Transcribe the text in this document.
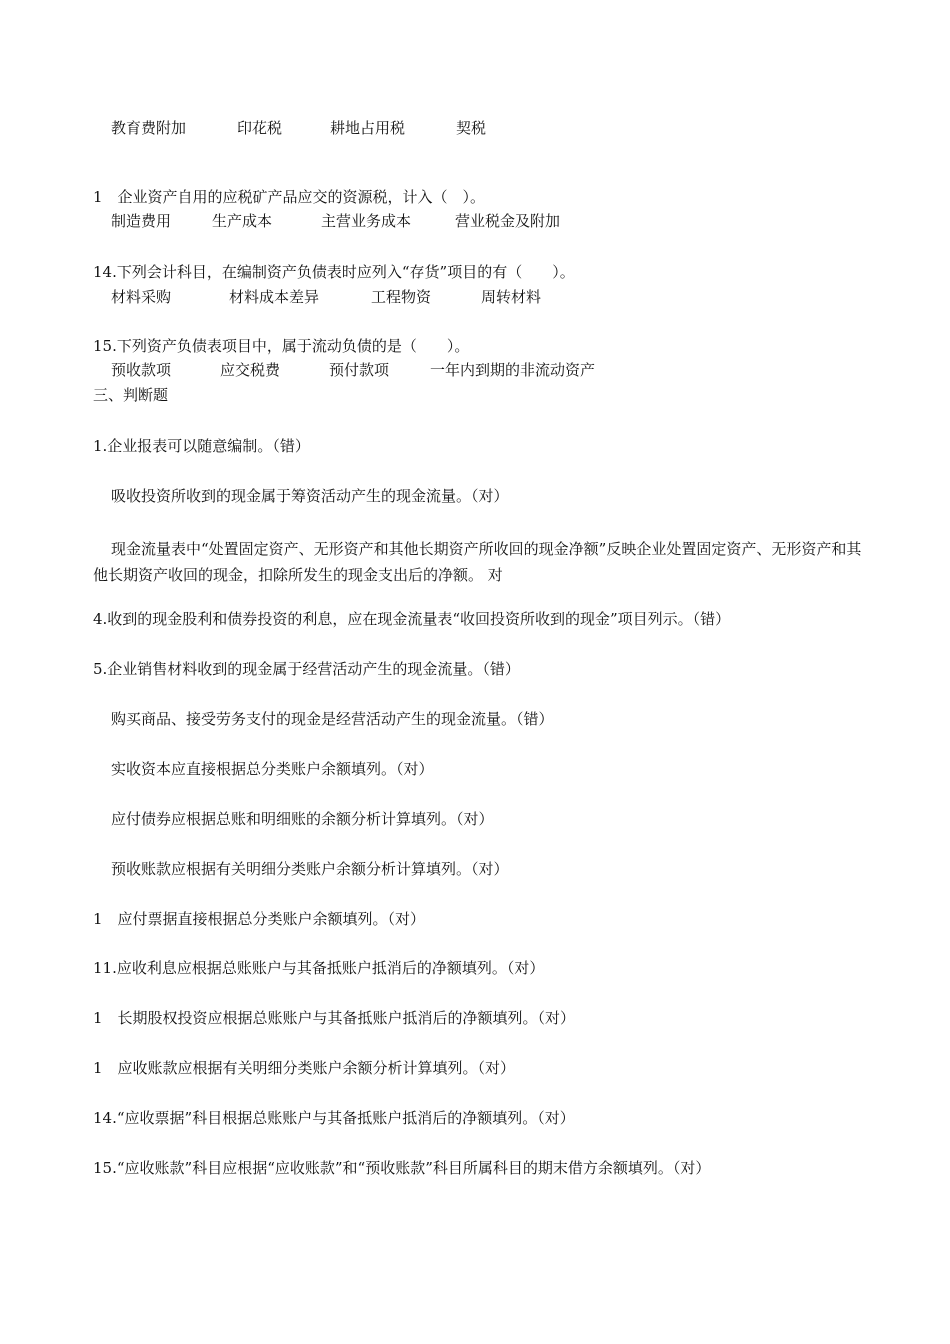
教育费附加	印花税	耕地占用税	契税
1　企业资产自用的应税矿产品应交的资源税，计入（　）。
制造费用	生产成本	主营业务成本	营业税金及附加
14.下列会计科目，在编制资产负债表时应列入“存货”项目的有（　　）。
材料采购	材料成本差异	工程物资	周转材料
15.下列资产负债表项目中，属于流动负债的是（　　）。
预收款项	应交税费	预付款项	一年内到期的非流动资产
三、判断题
1.企业报表可以随意编制。（错）
吸收投资所收到的现金属于筹资活动产生的现金流量。（对）
现金流量表中“处置固定资产、无形资产和其他长期资产所收回的现金净额”反映企业处置固定资产、无形资产和其他长期资产收回的现金，扣除所发生的现金支出后的净额。 对
4.收到的现金股利和债券投资的利息，应在现金流量表“收回投资所收到的现金”项目列示。（错）
5.企业销售材料收到的现金属于经营活动产生的现金流量。（错）
购买商品、接受劳务支付的现金是经营活动产生的现金流量。（错）
实收资本应直接根据总分类账户余额填列。（对）
应付债券应根据总账和明细账的余额分析计算填列。（对）
预收账款应根据有关明细分类账户余额分析计算填列。（对）
1　应付票据直接根据总分类账户余额填列。（对）
11.应收利息应根据总账账户与其备抵账户抵消后的净额填列。（对）
1　长期股权投资应根据总账账户与其备抵账户抵消后的净额填列。（对）
1　应收账款应根据有关明细分类账户余额分析计算填列。（对）
14.“应收票据”科目根据总账账户与其备抵账户抵消后的净额填列。（对）
15.“应收账款”科目应根据“应收账款”和“预收账款”科目所属科目的期末借方余额填列。（对）
